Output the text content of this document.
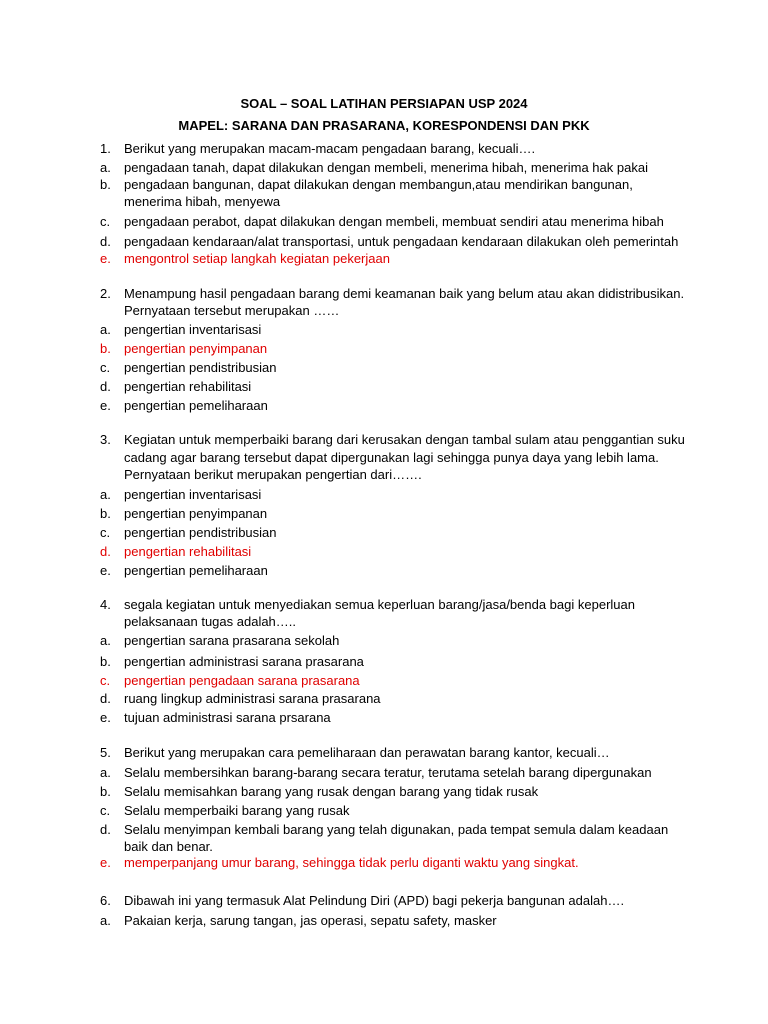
SOAL – SOAL LATIHAN PERSIAPAN USP 2024
MAPEL: SARANA DAN PRASARANA, KORESPONDENSI DAN PKK
1. Berikut yang merupakan macam-macam pengadaan barang, kecuali….
a. pengadaan tanah, dapat dilakukan dengan membeli, menerima hibah, menerima hak pakai
b. pengadaan bangunan, dapat dilakukan dengan membangun,atau mendirikan bangunan,
menerima hibah, menyewa
c. pengadaan perabot, dapat dilakukan dengan membeli, membuat sendiri atau menerima hibah
d. pengadaan kendaraan/alat transportasi, untuk pengadaan kendaraan dilakukan oleh pemerintah
e. mengontrol setiap langkah kegiatan pekerjaan
2. Menampung hasil pengadaan barang demi keamanan baik yang belum atau akan didistribusikan.
Pernyataan tersebut merupakan ……
a. pengertian inventarisasi
b. pengertian penyimpanan
c. pengertian pendistribusian
d. pengertian rehabilitasi
e. pengertian pemeliharaan
3. Kegiatan untuk memperbaiki barang dari kerusakan dengan tambal sulam atau penggantian suku
cadang agar barang tersebut dapat dipergunakan lagi sehingga punya daya yang lebih lama.
Pernyataan berikut merupakan pengertian dari…….
a. pengertian inventarisasi
b. pengertian penyimpanan
c. pengertian pendistribusian
d. pengertian rehabilitasi
e. pengertian pemeliharaan
4. segala kegiatan untuk menyediakan semua keperluan barang/jasa/benda bagi keperluan
pelaksanaan tugas adalah…..
a. pengertian sarana prasarana sekolah
b. pengertian administrasi sarana prasarana
c. pengertian pengadaan sarana prasarana
d. ruang lingkup administrasi sarana prasarana
e. tujuan administrasi sarana prsarana
5. Berikut yang merupakan cara pemeliharaan dan perawatan barang kantor, kecuali…
a. Selalu membersihkan barang-barang secara teratur, terutama setelah barang dipergunakan
b. Selalu memisahkan barang yang rusak dengan barang yang tidak rusak
c. Selalu memperbaiki barang yang rusak
d. Selalu menyimpan kembali barang yang telah digunakan, pada tempat semula dalam keadaan
baik dan benar.
e. memperpanjang umur barang, sehingga tidak perlu diganti waktu yang singkat.
6. Dibawah ini yang termasuk Alat Pelindung Diri (APD) bagi pekerja bangunan adalah….
a. Pakaian kerja, sarung tangan, jas operasi, sepatu safety, masker
